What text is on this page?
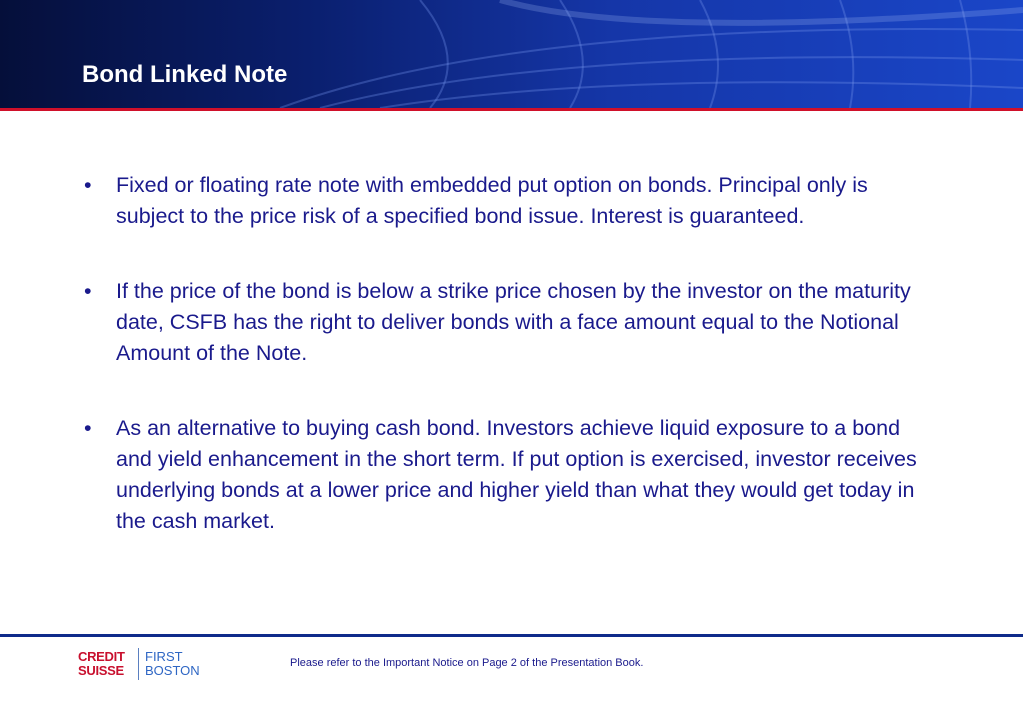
Bond Linked Note
• Fixed or floating rate note with embedded put option on bonds. Principal only is subject to the price risk of a specified bond issue. Interest is guaranteed.
• If the price of the bond is below a strike price chosen by the investor on the maturity date, CSFB has the right to deliver bonds with a face amount equal to the Notional Amount of the Note.
• As an alternative to buying cash bond. Investors achieve liquid exposure to a bond and yield enhancement in the short term. If put option is exercised, investor receives underlying bonds at a lower price and higher yield than what they would get today in the cash market.
CREDIT
SUISSE
FIRST
BOSTON	Please refer to the Important Notice on Page 2 of the Presentation Book.
